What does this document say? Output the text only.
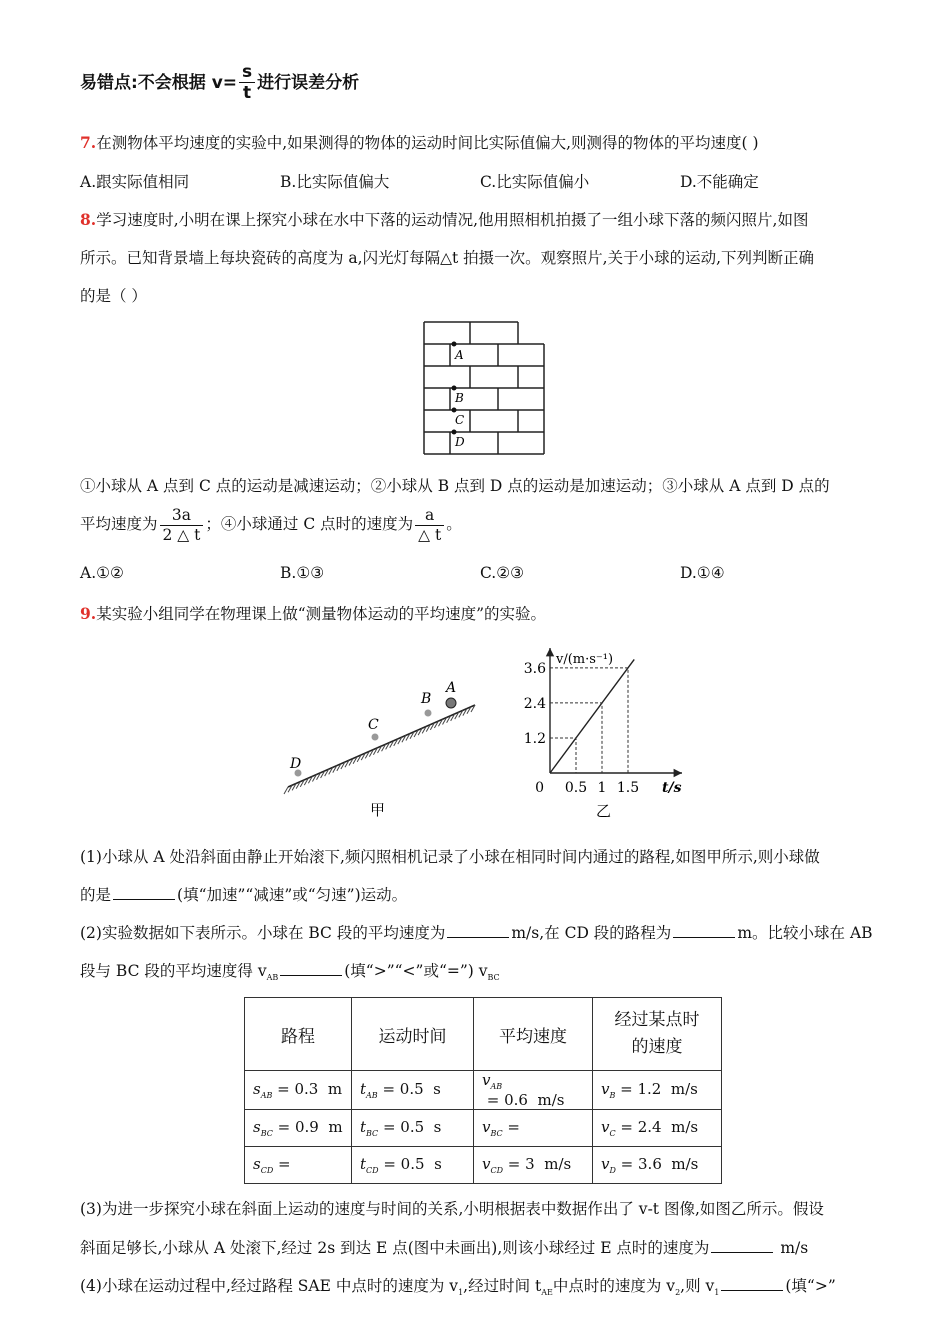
易错点:不会根据 $v= \frac{s}{t}$ 进行误差分析
7.在测物体平均速度的实验中,如果测得的物体的运动时间比实际值偏大,则测得的物体的平均速度( )
A.跟实际值相同	B.比实际值偏大	C.比实际值偏小	D.不能确定
8.学习速度时,小明在课上探究小球在水中下落的运动情况,他用照相机拍摄了一组小球下落的频闪照片,如图
所示。已知背景墙上每块瓷砖的高度为 a,闪光灯每隔△t 拍摄一次。观察照片,关于小球的运动,下列判断正确
的是（ ）
A
B
C
D
①小球从 A 点到 C 点的运动是减速运动；②小球从 B 点到 D 点的运动是加速运动；③小球从 A 点到 D 点的
平均速度为 $\frac{3a}{2 \triangle t}$ ；④小球通过 C 点时的速度为 $\frac{a}{\triangle t}$ 。
A.①②	B.①③	C.②③	D.①④
9.某实验小组同学在物理课上做“测量物体运动的平均速度”的实验。
A
B
C
D
甲
v/(m·s⁻¹)
t/s
0 0.5
1.2
1
2.4
1.5
3.6
乙
(1)小球从 A 处沿斜面由静止开始滚下,频闪照相机记录了小球在相同时间内通过的路程,如图甲所示,则小球做
的是	(填“加速”“减速”或“匀速”)运动。
(2)实验数据如下表所示。小球在 BC 段的平均速度为	m/s,在 CD 段的路程为	m。比较小球在 AB
段与 BC 段的平均速度得 $v_{AB}$	(填“>”“<”或“=”) $v_{BC}$
路程	运动时间	平均速度	经过某点时
的速度
$s_{AB} = 0.3$  m	$t_{AB} = 0.5$  s	$v_{AB} = 0.6$  m/s	$v_B = 1.2$  m/s
$s_{BC} = 0.9$  m	$t_{BC} = 0.5$  s	$v_{BC}$ =	$v_C = 2.4$  m/s
$s_{CD}$ =	$t_{CD} = 0.5$  s	$v_{CD} = 3$  m/s	$v_D = 3.6$  m/s
(3)为进一步探究小球在斜面上运动的速度与时间的关系,小明根据表中数据作出了 v-t 图像,如图乙所示。假设
斜面足够长,小球从 A 处滚下,经过 2s 到达 E 点(图中未画出),则该小球经过 E 点时的速度为	m/s
(4)小球在运动过程中,经过路程 SAE 中点时的速度为 $v_1$,经过时间 $t_{AE}$中点时的速度为 $v_2$,则 $v_1$	(填“>”
